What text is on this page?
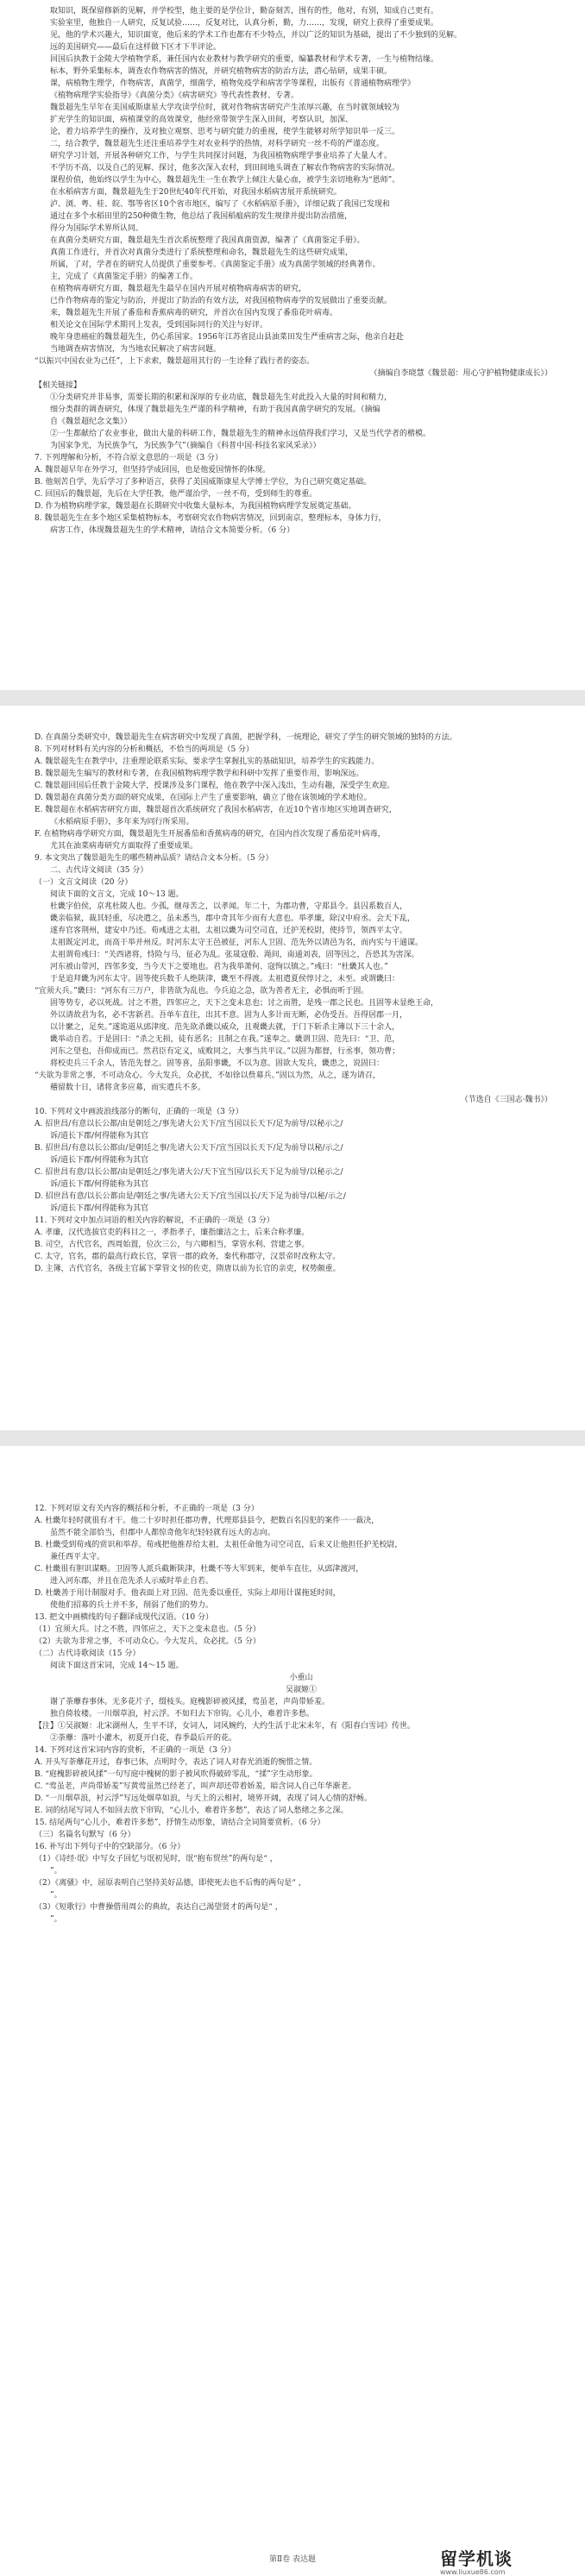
取知识，既保留修新的见解，并学校型，他主要的是学位计，勤奋刻苦，围有的性，他对，有别，知成自己更有。

实验室里，他独自一人研究，反复试验……，反复对比，认真分析，勤，力……，发现，研究上获得了重要成果。

见，他的学术兴趣大，知识面宽，他后来的学术工作也都有不少特点，并以广泛的知识为基础，提出了不少独到的见解。

远的美国研究——最后在这样做下区才下半评论。

回国后执教于金陵大学植物学系，兼任国内农业教材与教学研究的重要，编纂教材和学术专著，一生与植物结缘。

标本，野外采集标本，调查农作物病害的情况，并研究植物病害的防治方法，潜心钻研，成果丰硕。

课，病植物生理学，作物病害，真菌学，细菌学，植物免疫学和病害学等课程，出版有《普通植物病理学》

《植物病理学实验指导》《真菌分类》《病害研究》等代表性教材、专著。

魏景超先生早年在美国威斯康星大学攻读学位时，就对作物病害研究产生浓厚兴趣，在当时就领域较为

扩充学生的知识面，病植课堂的高效课堂，他经常带领学生深入田间，考察认识，加深、

论，着力培养学生的操作，及对独立观察、思考与研究能力的重视，使学生能够对所学知识举一反三。

二，结合教学，魏景超先生还注重培养学生对农业科学的热情，对科学研究一丝不苟的严谨态度。

研究学习计划，开展各种研究工作，与学生共同探讨问题，为我国植物病理学事业培养了大量人才。

不学历不高，以及自己的见解、探讨，他多次深入农村，到田间地头调查了解农作物病害的实际情况。

课程价值，他始终以学生为中心，魏景超先生一生在教学上倾注大量心血，被学生亲切地称为“恩师”。

在水稻病害方面，魏景超先生于20世纪40年代开始，对我国水稻病害展开系统研究。

泸、浏、粤、桂、皖、鄂等省区10个省市地区，编写了《水稻病原手册》，详细记载了我国已发现和

通过在多个水稻田里的250种微生物，他总结了我国稻瘟病的发生规律并提出防治措施，

得分为国际学术界所认同。

在真菌分类研究方面，魏景超先生首次系统整理了我国真菌资源，编著了《真菌鉴定手册》。

真菌工作进行，并首次对真菌分类进行了系统整理和命名，魏景超先生的这些研究成果，

所属，了对，学者在的研究人员提供了重要参考。《真菌鉴定手册》成为真菌学领域的经典著作。

主，完成了《真菌鉴定手册》的编著工作。

在植物病毒研究方面，魏景超先生最早在国内开展对植物病毒病害的研究，

已作作物病毒的鉴定与防治，并提出了防治的有效方法，对我国植物病毒学的发展做出了重要贡献。

来，魏景超先生开展了番茄和香蕉病毒的研究，并首次在国内发现了番茄花叶病毒。

相关论文在国际学术期刊上发表，受到国际同行的关注与好评。

晚年身患癌症的魏景超先生，仍心系国家。1956年江苏省昆山县油菜田发生严重病害之际，他亲自赶赴

当地调查病害情况，为当地农民解决了病害问题。

“以振兴中国农业为己任”，上下求索，魏景超用其行的一生诠释了践行者的姿态。

（摘编自李晓慧《魏景超：用心守护植物健康成长》）

【相关链接】

①分类研究并非易事，需要长期的积累和深厚的专业功底，魏景超先生对此投入大量的时间和精力，

细分类群的调查研究，体现了魏景超先生严谨的科学精神，有助于我国真菌学研究的发展。（摘编

自《魏景超纪念文集》）

②一生都献给了农业事业，做出大量的科研工作，魏景超先生的精神永远值得我们学习，又是当代学者的楷模。

为国家争光，为民族争气，为民族争气”（摘编自《科普中国·科技名家风采录》）

7. 下列理解和分析，不符合原文意思的一项是（3 分）

A. 魏景超早年在外学习，但坚持学成回国，也是他爱国情怀的体现。

B. 他刻苦自学，先后学习了多种语言，获得了美国威斯康星大学博士学位，为自己研究奠定基础。

C. 回国后的魏景超，先后在大学任教，他严谨治学，一丝不苟，受到师生的尊重。

D. 作为植物病理学家，魏景超在长期研究中收集大量标本，为我国植物病理学发展奠定基础。

8. 魏景超先生在多个地区采集植物标本，考察研究农作物病害情况，回到南京，整理标本，身体力行，

病害工作，体现魏景超先生的学术精神，请结合文本简要分析。（6 分）

D. 在真菌分类研究中，魏景超先生在病害研究中发现了真菌，把握学科，一统理论，研究了学生的研究领域的独特的方法。

8. 下列对材料有关内容的分析和概括，不恰当的两项是（5 分）

A. 魏景超先生在教学中，注重理论联系实际，要求学生掌握扎实的基础知识，培养学生的实践能力。

B. 魏景超先生编写的教材和专著，在我国植物病理学教学和科研中发挥了重要作用，影响深远。

C. 魏景超回国后任教于金陵大学，授课涉及多门课程，他在教学中深入浅出，生动有趣，深受学生欢迎。

D. 魏景超在真菌分类方面的研究成果，在国际上产生了重要影响，确立了他在该领域的学术地位。

E. 魏景超在水稻病害研究方面，魏景超首次系统研究了我国水稻病害，在近10个省市地区实地调查研究，

《水稻病原手册》，多年来为同行所采用。

F. 在植物病毒学研究方面，魏景超先生开展番茄和香蕉病毒的研究，在国内首次发现了番茄花叶病毒，

尤其在油菜病毒研究方面取得了重要成果。

9. 本文突出了魏景超先生的哪些精神品质？请结合文本分析。（5 分）

二、古代诗文阅读（35 分）

（一）文言文阅读（20 分）

阅读下面的文言文，完成 10～13 题。

杜畿字伯侯，京兆杜陵人也。少孤，继母苦之，以孝闻。年二十，为郡功曹，守郑县令。县囚系数百人，

畿亲临狱，裁其轻重，尽决遣之，虽未悉当，郡中奇其年少而有大意也。举孝廉，除汉中府丞。会天下乱，

遂弃官客荆州，建安中乃还。荀彧进之太祖，太祖以畿为司空司直，迁护羌校尉，使持节，领西平太守。

太祖既定河北，而高干举并州反。时河东太守王邑被征，河东人卫固、范先外以请邑为名，而内实与干通谋。

太祖谓荀彧曰：“关西诸将，恃险与马，征必为乱。张晟寇殽、渑间，南通刘表，固等因之，吾恐其为害深。

河东被山带河，四邻多变，当今天下之要地也。君为我举萧何、寇恂以镇之。”彧曰：“杜畿其人也。”

于是追拜畿为河东太守。固等使兵数千人绝陕津，畿至不得渡。太祖遣夏侯惇讨之，未至。或谓畿曰：

“宜须大兵。”畿曰：“河东有三万户，非皆欲为乱也。今兵迫之急，欲为善者无主，必惧而听于固。

固等势专，必以死战。讨之不胜，四邻应之，天下之变未息也；讨之而胜，是残一郡之民也。且固等未显绝王命，

外以请故君为名，必不害新君。吾单车直往，出其不意。固为人多计而无断，必伪受吾。吾得居郡一月，

以计縻之，足矣。”遂诡道从郖津度。范先欲杀畿以威众，且观畿去就，于门下斩杀主簿以下三十余人，

畿举动自若。于是固曰：“杀之无损，徒有恶名；且制之在我。”遂奉之。畿谓卫固、范先曰：“卫、范，

河东之望也，吾仰成而已。然君臣有定义，成败同之，大事当共平议。”以固为都督，行丞事，领功曹；

将校吏兵三千余人，皆范先督之。固等喜，虽阳事畿，不以为意。固欲大发兵，畿患之，说固曰：

“夫欲为非常之事，不可动众心。今大发兵，众必扰，不如徐以赀募兵。”固以为然，从之，遂为请召，

稽留数十日，诸将贪多应募，而实遣兵不多。

（节选自《三国志·魏书》）

10. 下列对文中画波浪线部分的断句，正确的一项是（3 分）

A. 招世昌/有意以长公都/由是朝廷之/事先诸大公天下/宜当国以长天下/足为前导/以秘示之/

诉/道长下郡/何得能称为其官

B. 招世昌/有意以长公都由/是朝廷之事/先诸大公天下/宜当国以长天下/足为前导以秘/示之/

诉/道长下郡/何得能称为其官

C. 招世昌有意/以长公都/由是朝廷之/事先诸大公/天下宜当国/以长天下足为前导/以秘示之/

诉/道长下郡/何得能称为其官

D. 招世昌有意/以长公都由是/朝廷之事/先诸大公天下/宜当国以长/天下足为前导/以秘/示之/

诉/道长下郡/何得能称为其官

11. 下列对文中加点词语的相关内容的解说，不正确的一项是（3 分）

A. 孝廉，汉代选拔官吏的科目之一，孝指孝子，廉指廉洁之士，后来合称孝廉。

B. 司空，古代官名，西周始置，位次三公，与六卿相当，掌管水利、营建之事。

C. 太守，官名，郡的最高行政长官，掌管一郡的政务，秦代称郡守，汉景帝时改称太守。

D. 主簿，古代官名，各级主官属下掌管文书的佐吏，隋唐以前为长官的亲吏，权势颇重。

12. 下列对原文有关内容的概括和分析，不正确的一项是（3 分）

A. 杜畿年轻时就很有才干。他二十岁时担任郡功曹，代理郑县县令，把数百名囚犯的案件一一裁决，

虽然不能全部恰当，但郡中人都惊奇他年纪轻轻就有远大的志向。

B. 杜畿受到荀彧的赏识和举荐。荀彧把他推荐给太祖，太祖任命他为司空司直，后来又让他担任护羌校尉，

兼任西平太守。

C. 杜畿很有胆识谋略。卫固等人派兵截断陕津，杜畿不等大军到来，便单车直往，从郖津渡河，

进入河东郡，并且在范先杀人示威时举止自若。

D. 杜畿善于用计制服对手。他表面上对卫固、范先委以重任，实际上却用计谋拖延时间，

使他们招募的兵士并不多，削弱了他们的势力。

13. 把文中画横线的句子翻译成现代汉语。（10 分）

（1）宜须大兵。讨之不胜，四邻应之，天下之变未息也。（5 分）

（2）夫欲为非常之事，不可动众心。今大发兵，众必扰。（5 分）

（二）古代诗歌阅读（15 分）

阅读下面这首宋词，完成 14～15 题。

小重山

吴淑姬①

谢了荼蘼春事休。无多花片子，缀枝头。庭槐影碎被风揉，莺虽老，声尚带娇羞。

独自倚妆楼。一川烟草浪，衬云浮。不如归去下帘钩。心儿小，难着许多愁。

【注】①吴淑姬：北宋湖州人，生平不详，女词人，词风婉约，大约生活于北宋末年，有《阳春白雪词》传世。

②荼蘼：落叶小灌木，初夏开白花，春季最后开的花。

14. 下列对这首宋词内容的赏析，不正确的一项是（3 分）

A. 开头写荼蘼花开过，春事已休，点明时令，表达了词人对春光消逝的惋惜之情。

B. “庭槐影碎被风揉”一句写庭中槐树的影子被风吹得破碎零乱，“揉”字生动形象。

C. “莺虽老，声尚带娇羞”写黄莺虽然已经老了，叫声却还带着娇羞，暗含词人自己年华渐老。

D. “一川烟草浪，衬云浮”写远处烟草如浪，与天上的云相衬，境界开阔，表现了词人心情的舒畅。

E. 词的结尾写词人不如回去放下帘钩，“心儿小，难着许多愁”，表达了词人愁绪之多之深。

15. 结尾两句“心儿小，难着许多愁”，抒情生动形象，请结合全词简要赏析。（6 分）

（三）名篇名句默写（6 分）

16. 补写出下列句子中的空缺部分。（6 分）

（1）《诗经·氓》中写女子回忆与氓初见时，氓“抱布贸丝”的两句是“ ，

”。

（2）《离骚》中，屈原表明自己坚持美好品德，即使死去也不后悔的两句是“ ，

”。

（3）《短歌行》中曹操借用周公的典故，表达自己渴望贤才的两句是“ ，

”。

第Ⅱ卷 表达题	留学机谈
www.liuxue86.com
